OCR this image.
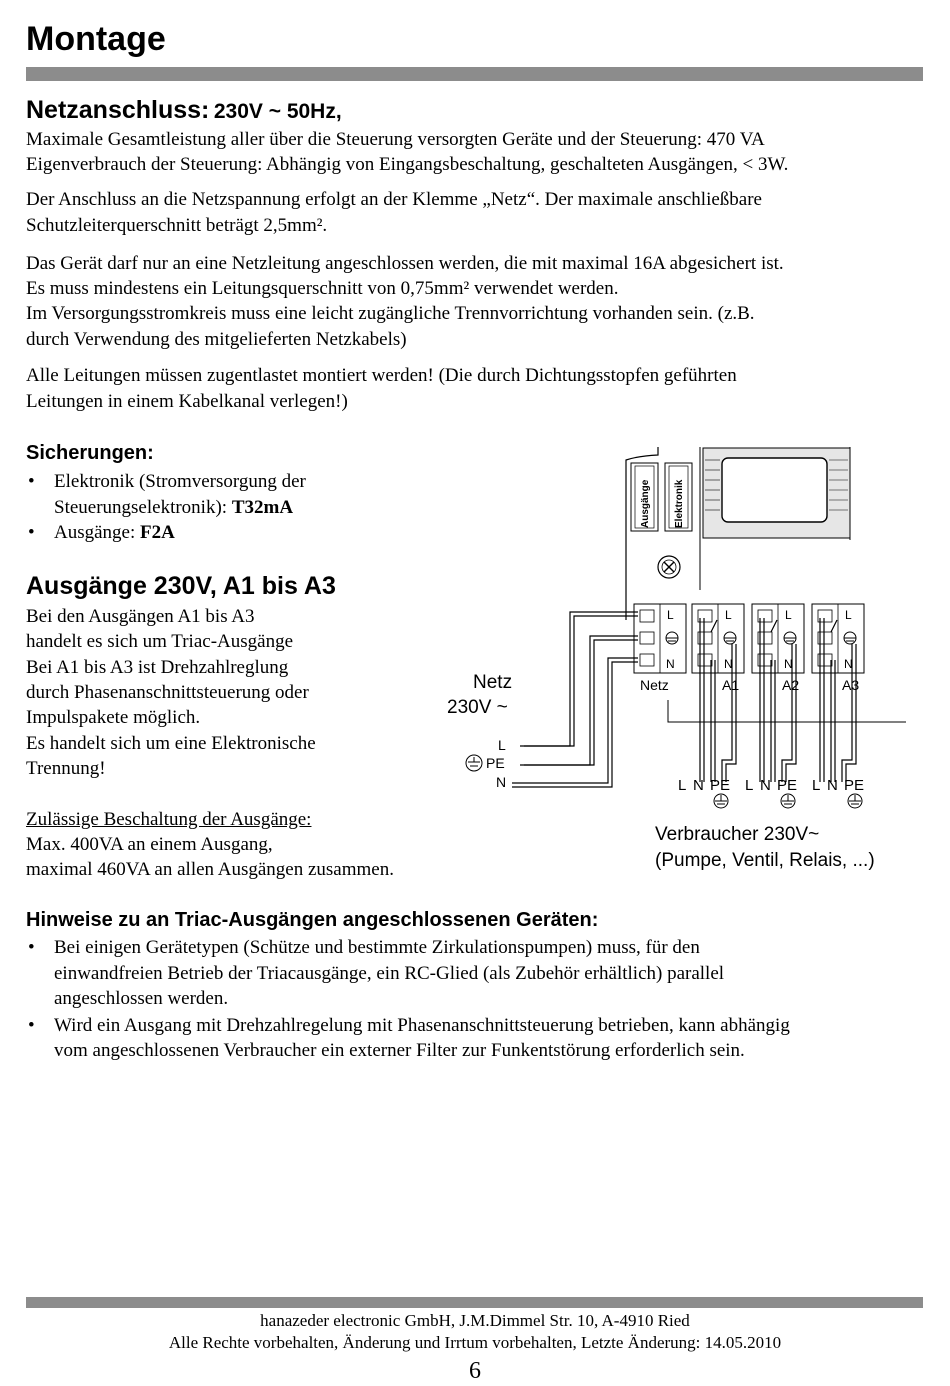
Montage
Netzanschluss: 230V ~ 50Hz,

Maximale Gesamtleistung aller über die Steuerung versorgten Geräte und der Steuerung: 470 VA

Eigenverbrauch der Steuerung: Abhängig von Eingangsbeschaltung, geschalteten Ausgängen, < 3W.

Der Anschluss an die Netzspannung erfolgt an der Klemme „Netz“. Der maximale anschließbare

Schutzleiterquerschnitt beträgt 2,5mm².

Das Gerät darf nur an eine Netzleitung angeschlossen werden, die mit maximal 16A abgesichert ist.

Es muss mindestens ein Leitungsquerschnitt von 0,75mm² verwendet werden.

Im Versorgungsstromkreis muss eine leicht zugängliche Trennvorrichtung vorhanden sein. (z.B.

durch Verwendung des mitgelieferten Netzkabels)

Alle Leitungen müssen zugentlastet montiert werden! (Die durch Dichtungsstopfen geführten

Leitungen in einem Kabelkanal verlegen!)

Sicherungen:
• Elektronik (Stromversorgung der
Steuerungselektronik): T32mA
• Ausgänge: F2A
Ausgänge 230V, A1 bis A3

Bei den Ausgängen A1 bis A3

handelt es sich um Triac-Ausgänge

Bei A1 bis A3 ist Drehzahlreglung

durch Phasenanschnittsteuerung oder

Impulspakete möglich.

Es handelt sich um eine Elektronische

Trennung!

Zulässige Beschaltung der Ausgänge:

Max. 400VA an einem Ausgang,

maximal 460VA an allen Ausgängen zusammen.

Ausgänge Elektronik
L
N
Netz
L
N
A1
L
N
A2
L
N
A3
Netz
230V ~
L
PE
N	L N PE L N PE L N PE
Verbraucher 230V~
(Pumpe, Ventil, Relais, ...)
Hinweise zu an Triac-Ausgängen angeschlossenen Geräten:
• Bei einigen Gerätetypen (Schütze und bestimmte Zirkulationspumpen) muss, für den
einwandfreien Betrieb der Triacausgänge, ein RC-Glied (als Zubehör erhältlich) parallel
angeschlossen werden.
• Wird ein Ausgang mit Drehzahlregelung mit Phasenanschnittsteuerung betrieben, kann abhängig
vom angeschlossenen Verbraucher ein externer Filter zur Funkentstörung erforderlich sein.
hanazeder electronic GmbH, J.M.Dimmel Str. 10, A-4910 Ried
Alle Rechte vorbehalten, Änderung und Irrtum vorbehalten, Letzte Änderung: 14.05.2010
6
